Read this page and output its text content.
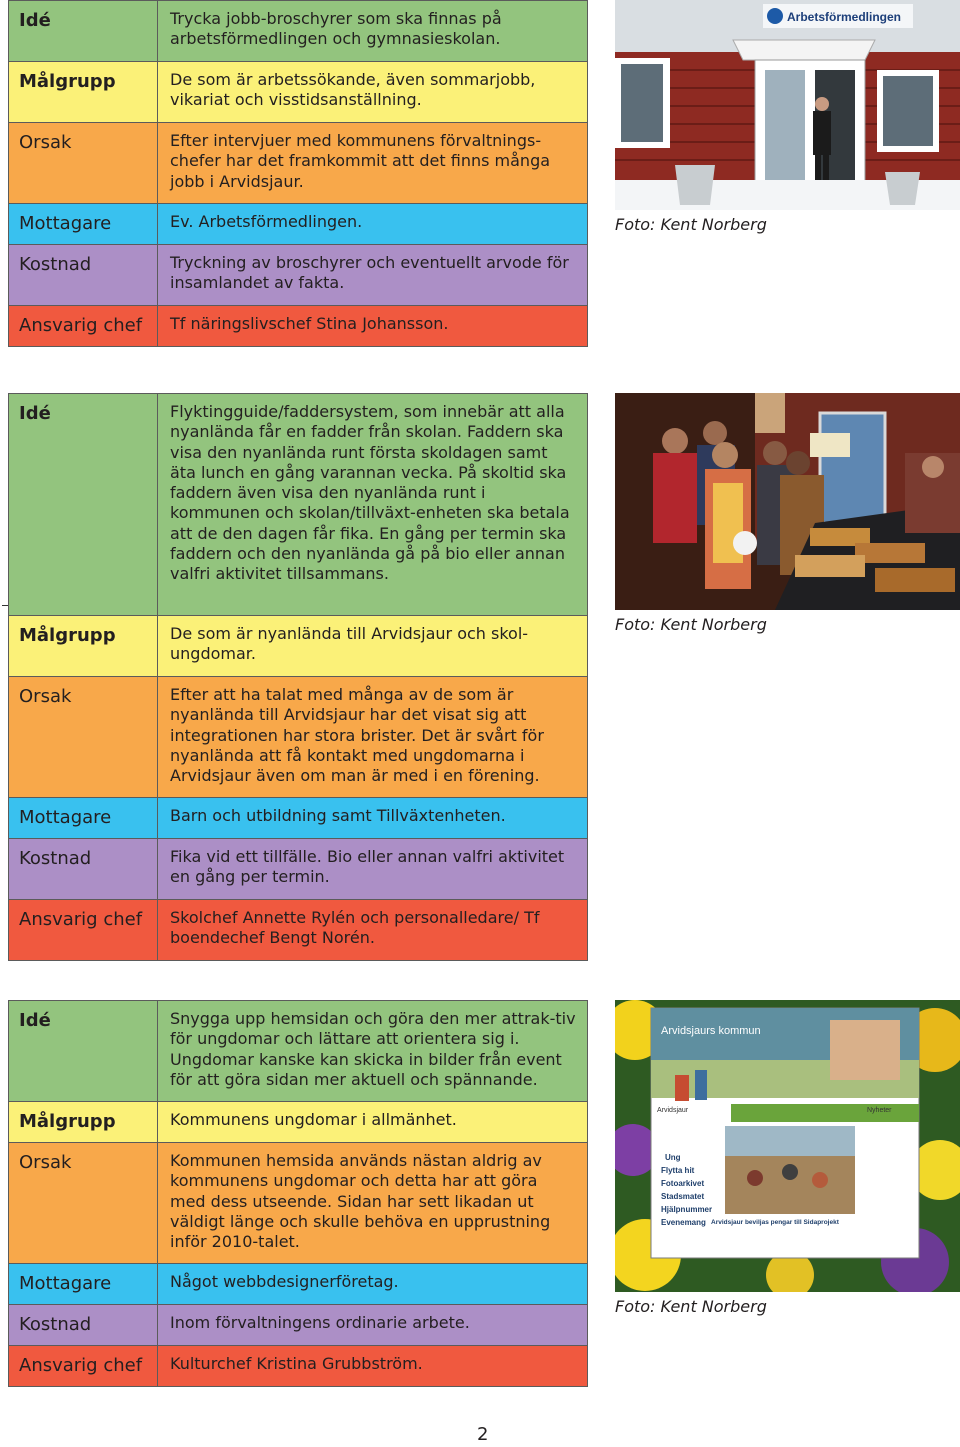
Idé	Trycka jobb-broschyrer som ska finnas på arbetsförmedlingen och gymnasieskolan.
Målgrupp	De som är arbetssökande, även sommarjobb, vikariat och visstidsanställning.
Orsak	Efter intervjuer med kommunens förvaltnings-chefer har det framkommit att det finns många jobb i Arvidsjaur.
Mottagare	Ev. Arbetsförmedlingen.
Kostnad	Tryckning av broschyrer och eventuellt arvode för insamlandet av fakta.
Ansvarig chef	Tf näringslivschef Stina Johansson.
Arbetsförmedlingen
Foto: Kent Norberg
Idé	Flyktingguide/faddersystem, som innebär att alla nyanlända får en fadder från skolan. Faddern ska visa den nyanlända runt första skoldagen samt äta lunch en gång varannan vecka. På skoltid ska faddern även visa den nyanlända runt i kommunen och skolan/tillväxt-enheten ska betala att de den dagen får fika. En gång per termin ska faddern och den nyanlända gå på bio eller annan valfri aktivitet tillsammans.
Målgrupp	De som är nyanlända till Arvidsjaur och skol-ungdomar.
Orsak	Efter att ha talat med många av de som är nyanlända till Arvidsjaur har det visat sig att integrationen har stora brister. Det är svårt för nyanlända att få kontakt med ungdomarna i Arvidsjaur även om man är med i en förening.
Mottagare	Barn och utbildning samt Tillväxtenheten.
Kostnad	Fika vid ett tillfälle. Bio eller annan valfri aktivitet en gång per termin.
Ansvarig chef	Skolchef Annette Rylén och personalledare/ Tf boendechef Bengt Norén.
Foto: Kent Norberg
Idé	Snygga upp hemsidan och göra den mer attrak-tiv för ungdomar och lättare att orientera sig i. Ungdomar kanske kan skicka in bilder från event för att göra sidan mer aktuell och spännande.
Målgrupp	Kommunens ungdomar i allmänhet.
Orsak	Kommunen hemsida används nästan aldrig av kommunens ungdomar och detta har att göra med dess utseende. Sidan har sett likadan ut väldigt länge och skulle behöva en upprustning inför 2010-talet.
Mottagare	Något webbdesignerföretag.
Kostnad	Inom förvaltningens ordinarie arbete.
Ansvarig chef	Kulturchef Kristina Grubbström.
Arvidsjaurs kommun
Arvidsjaur
Ung
Flytta hit
Fotoarkivet
Stadsmatet
Hjälpnummer
Evenemang
Nyheter
Arvidsjaur beviljas pengar till Sidaprojekt
Foto: Kent Norberg
2
